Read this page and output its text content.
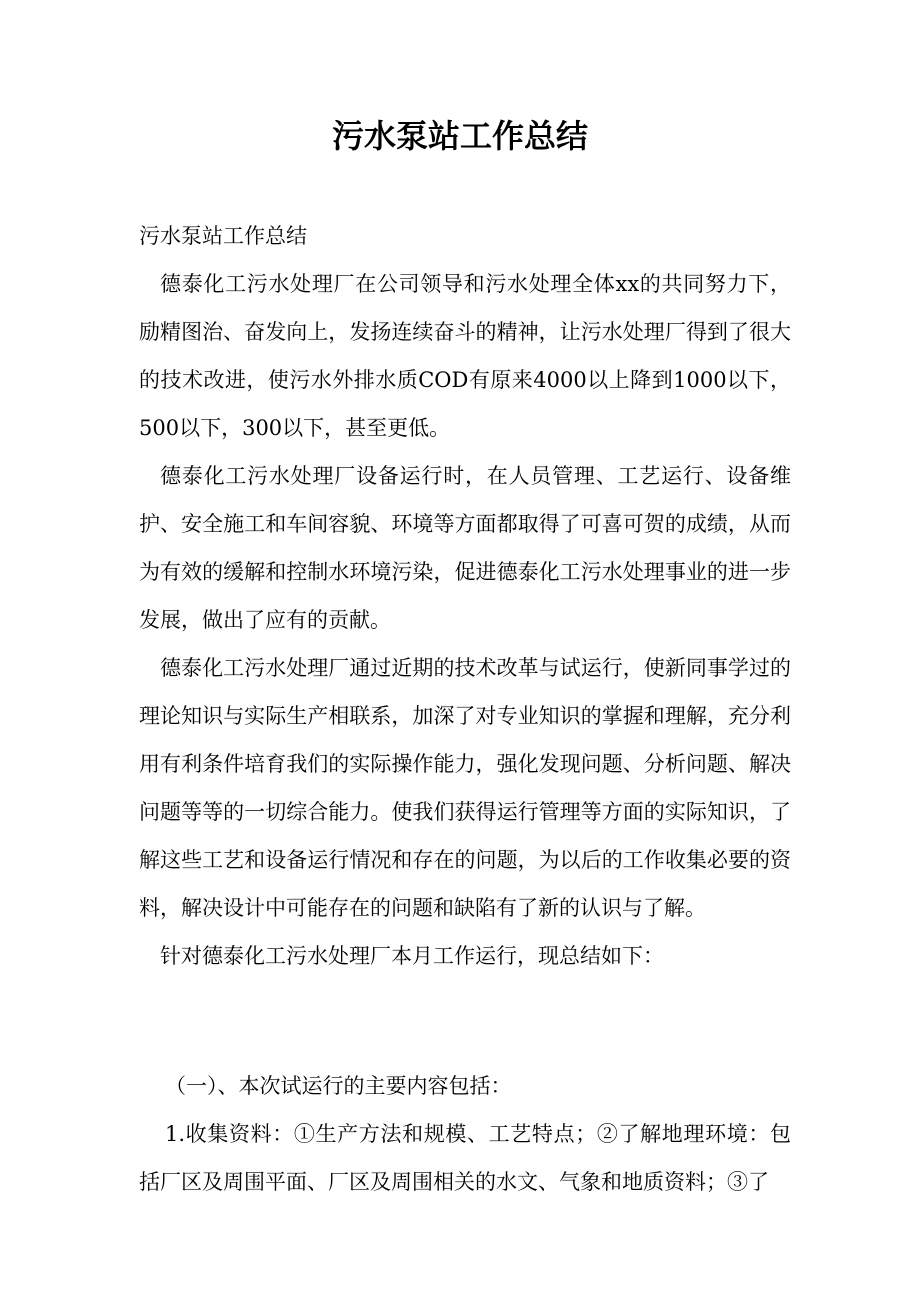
污水泵站工作总结

污水泵站工作总结

德泰化工污水处理厂在公司领导和污水处理全体xx的共同努力下，励精图治、奋发向上，发扬连续奋斗的精神，让污水处理厂得到了很大的技术改进，使污水外排水质COD有原来4000以上降到1000以下，500以下，300以下，甚至更低。

德泰化工污水处理厂设备运行时，在人员管理、工艺运行、设备维护、安全施工和车间容貌、环境等方面都取得了可喜可贺的成绩，从而为有效的缓解和控制水环境污染，促进德泰化工污水处理事业的进一步发展，做出了应有的贡献。

德泰化工污水处理厂通过近期的技术改革与试运行，使新同事学过的理论知识与实际生产相联系，加深了对专业知识的掌握和理解，充分利用有利条件培育我们的实际操作能力，强化发现问题、分析问题、解决问题等等的一切综合能力。使我们获得运行管理等方面的实际知识，了解这些工艺和设备运行情况和存在的问题，为以后的工作收集必要的资料，解决设计中可能存在的问题和缺陷有了新的认识与了解。

针对德泰化工污水处理厂本月工作运行，现总结如下：

（一）、本次试运行的主要内容包括：

1.收集资料：①生产方法和规模、工艺特点；②了解地理环境：包括厂区及周围平面、厂区及周围相关的水文、气象和地质资料；③了
